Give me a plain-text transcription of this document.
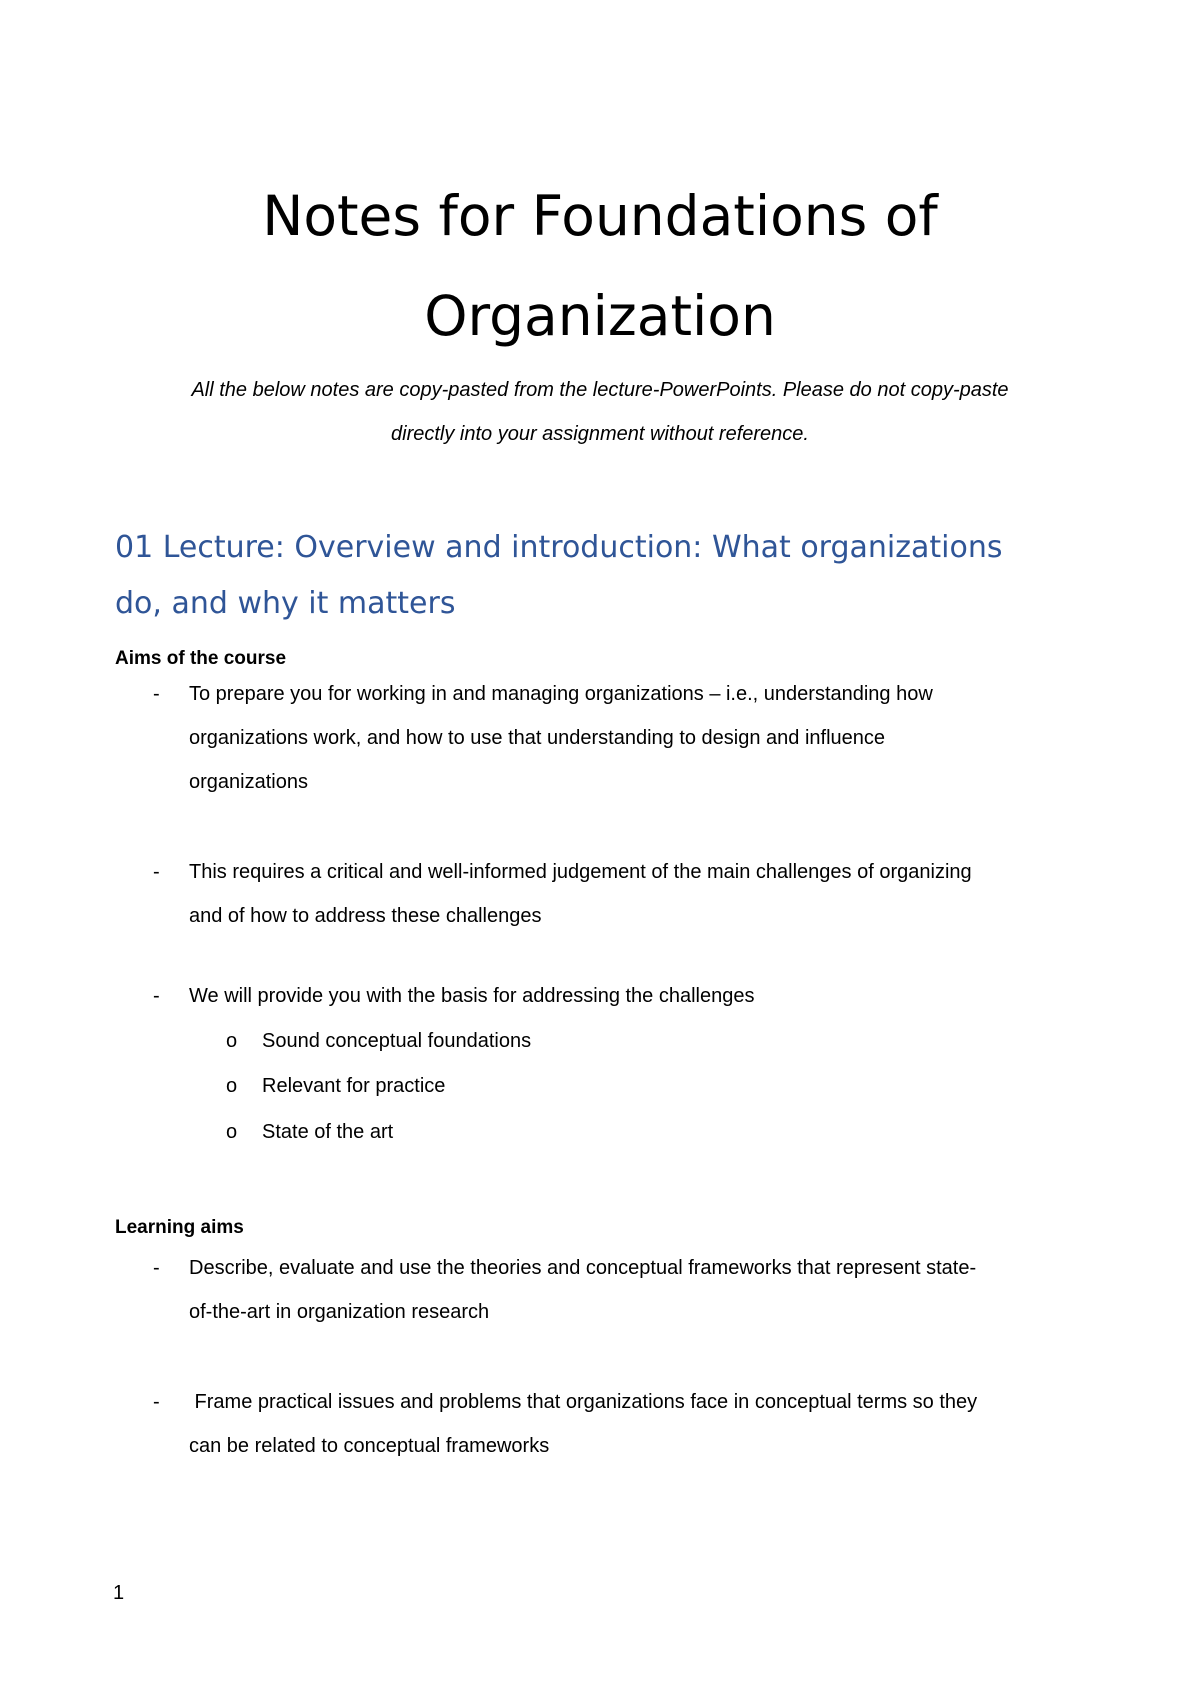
Notes for Foundations of
Organization

All the below notes are copy-pasted from the lecture-PowerPoints. Please do not copy-paste
directly into your assignment without reference.

01 Lecture: Overview and introduction: What organizations
do, and why it matters
Aims of the course
- To prepare you for working in and managing organizations – i.e., understanding how
organizations work, and how to use that understanding to design and influence
organizations
- This requires a critical and well-informed judgement of the main challenges of organizing
and of how to address these challenges
- We will provide you with the basis for addressing the challenges
o Sound conceptual foundations
o Relevant for practice
o State of the art
Learning aims
- Describe, evaluate and use the theories and conceptual frameworks that represent state-
of-the-art in organization research
- Frame practical issues and problems that organizations face in conceptual terms so they
can be related to conceptual frameworks
1
